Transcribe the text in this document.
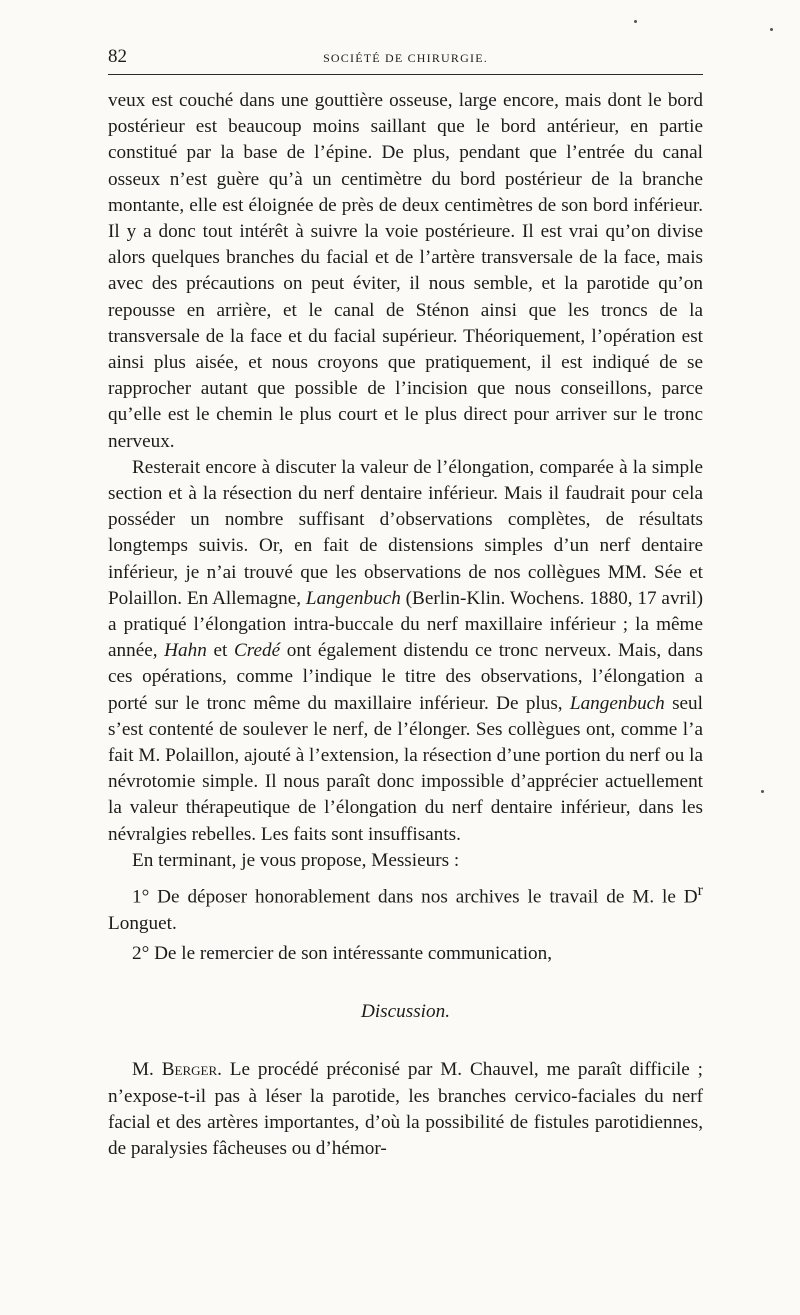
82	SOCIÉTÉ DE CHIRURGIE.

veux est couché dans une gouttière osseuse, large encore, mais dont le bord postérieur est beaucoup moins saillant que le bord antérieur, en partie constitué par la base de l’épine. De plus, pendant que l’entrée du canal osseux n’est guère qu’à un centimètre du bord postérieur de la branche montante, elle est éloignée de près de deux centimètres de son bord inférieur. Il y a donc tout intérêt à suivre la voie postérieure. Il est vrai qu’on divise alors quelques branches du facial et de l’artère transversale de la face, mais avec des précautions on peut éviter, il nous semble, et la parotide qu’on repousse en arrière, et le canal de Sténon ainsi que les troncs de la transversale de la face et du facial supérieur. Théoriquement, l’opération est ainsi plus aisée, et nous croyons que pratiquement, il est indiqué de se rapprocher autant que possible de l’incision que nous conseillons, parce qu’elle est le chemin le plus court et le plus direct pour arriver sur le tronc nerveux.

Resterait encore à discuter la valeur de l’élongation, comparée à la simple section et à la résection du nerf dentaire inférieur. Mais il faudrait pour cela posséder un nombre suffisant d’observations complètes, de résultats longtemps suivis. Or, en fait de distensions simples d’un nerf dentaire inférieur, je n’ai trouvé que les observations de nos collègues MM. Sée et Polaillon. En Allemagne, Langenbuch (Berlin-Klin. Wochens. 1880, 17 avril) a pratiqué l’élongation intra-buccale du nerf maxillaire inférieur ; la même année, Hahn et Credé ont également distendu ce tronc nerveux. Mais, dans ces opérations, comme l’indique le titre des observations, l’élongation a porté sur le tronc même du maxillaire inférieur. De plus, Langenbuch seul s’est contenté de soulever le nerf, de l’élonger. Ses collègues ont, comme l’a fait M. Polaillon, ajouté à l’extension, la résection d’une portion du nerf ou la névrotomie simple. Il nous paraît donc impossible d’apprécier actuellement la valeur thérapeutique de l’élongation du nerf dentaire inférieur, dans les névralgies rebelles. Les faits sont insuffisants.

En terminant, je vous propose, Messieurs :

1° De déposer honorablement dans nos archives le travail de M. le $D^r$ Longuet.

2° De le remercier de son intéressante communication,

Discussion.

M. Berger. Le procédé préconisé par M. Chauvel, me paraît difficile ; n’expose-t-il pas à léser la parotide, les branches cervico-faciales du nerf facial et des artères importantes, d’où la possibilité de fistules parotidiennes, de paralysies fâcheuses ou d’hémor-
